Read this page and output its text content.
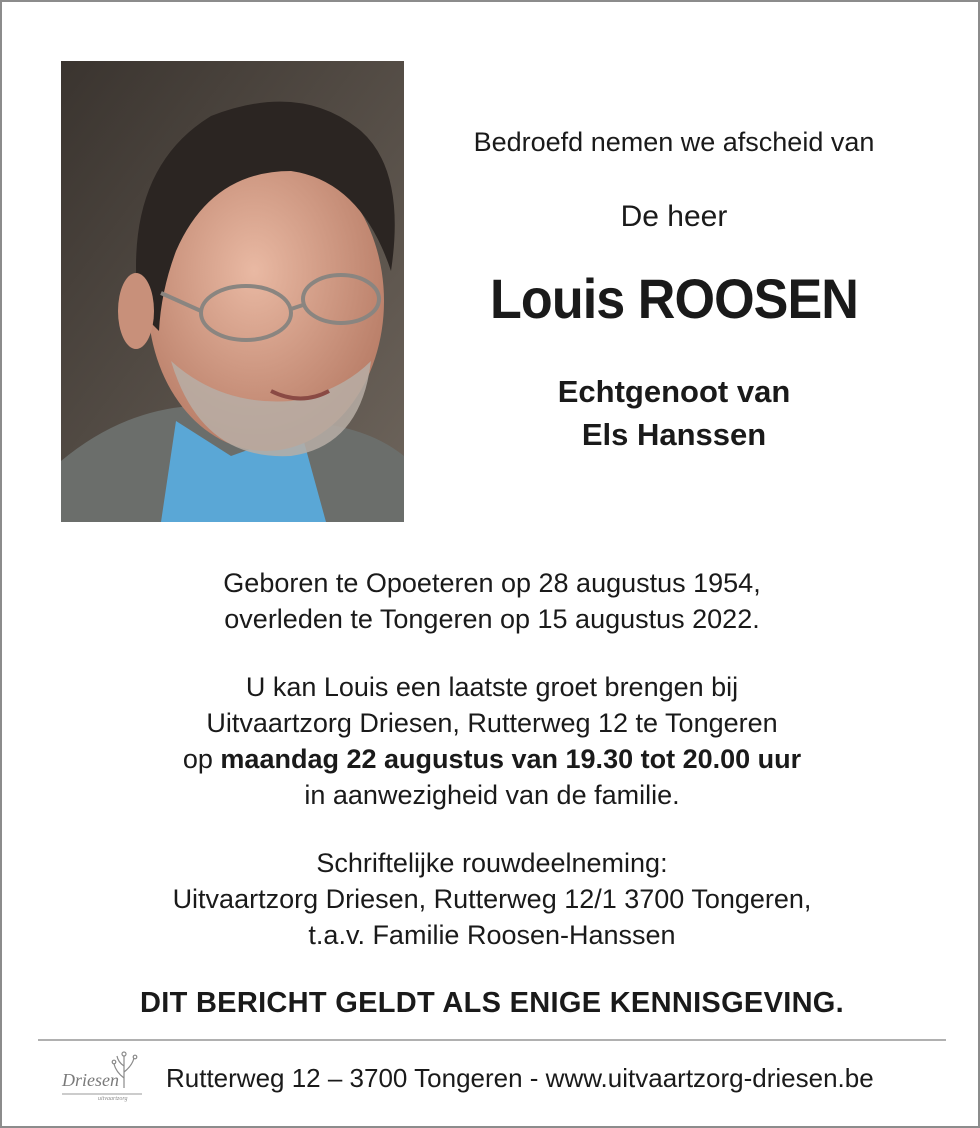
Bedroefd nemen we afscheid van
De heer
Louis ROOSEN
Echtgenoot van
Els Hanssen
Geboren te Opoeteren op 28 augustus 1954,
overleden te Tongeren op 15 augustus 2022.
U kan Louis een laatste groet brengen bij
Uitvaartzorg Driesen, Rutterweg 12 te Tongeren
op maandag 22 augustus van 19.30 tot 20.00 uur
in aanwezigheid van de familie.
Schriftelijke rouwdeelneming:
Uitvaartzorg Driesen, Rutterweg 12/1 3700 Tongeren,
t.a.v. Familie Roosen-Hanssen
DIT BERICHT GELDT ALS ENIGE KENNISGEVING.
Driesen
uitvaartzorg
Rutterweg 12 – 3700 Tongeren - www.uitvaartzorg-driesen.be
